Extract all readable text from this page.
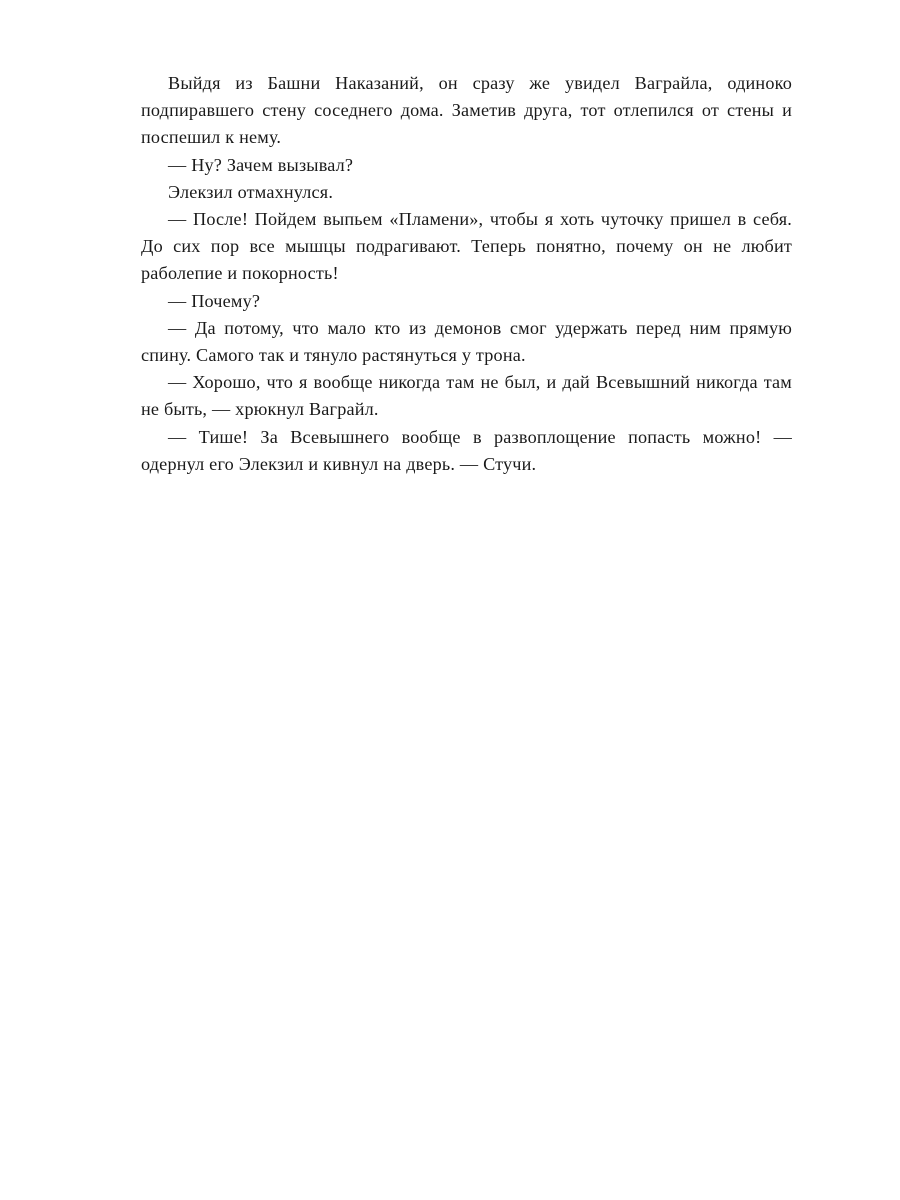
Выйдя из Башни Наказаний, он сразу же увидел Ваграйла, одиноко подпиравшего стену соседнего дома. Заметив друга, тот отлепился от стены и поспешил к нему.

— Ну? Зачем вызывал?

Элекзил отмахнулся.

— После! Пойдем выпьем «Пламени», чтобы я хоть чуточку пришел в себя. До сих пор все мышцы подрагивают. Теперь понятно, почему он не любит раболепие и покорность!

— Почему?

— Да потому, что мало кто из демонов смог удержать перед ним прямую спину. Самого так и тянуло растянуться у трона.

— Хорошо, что я вообще никогда там не был, и дай Всевышний никогда там не быть, — хрюкнул Ваграйл.

— Тише! За Всевышнего вообще в развоплощение попасть можно! — одернул его Элекзил и кивнул на дверь. — Стучи.
